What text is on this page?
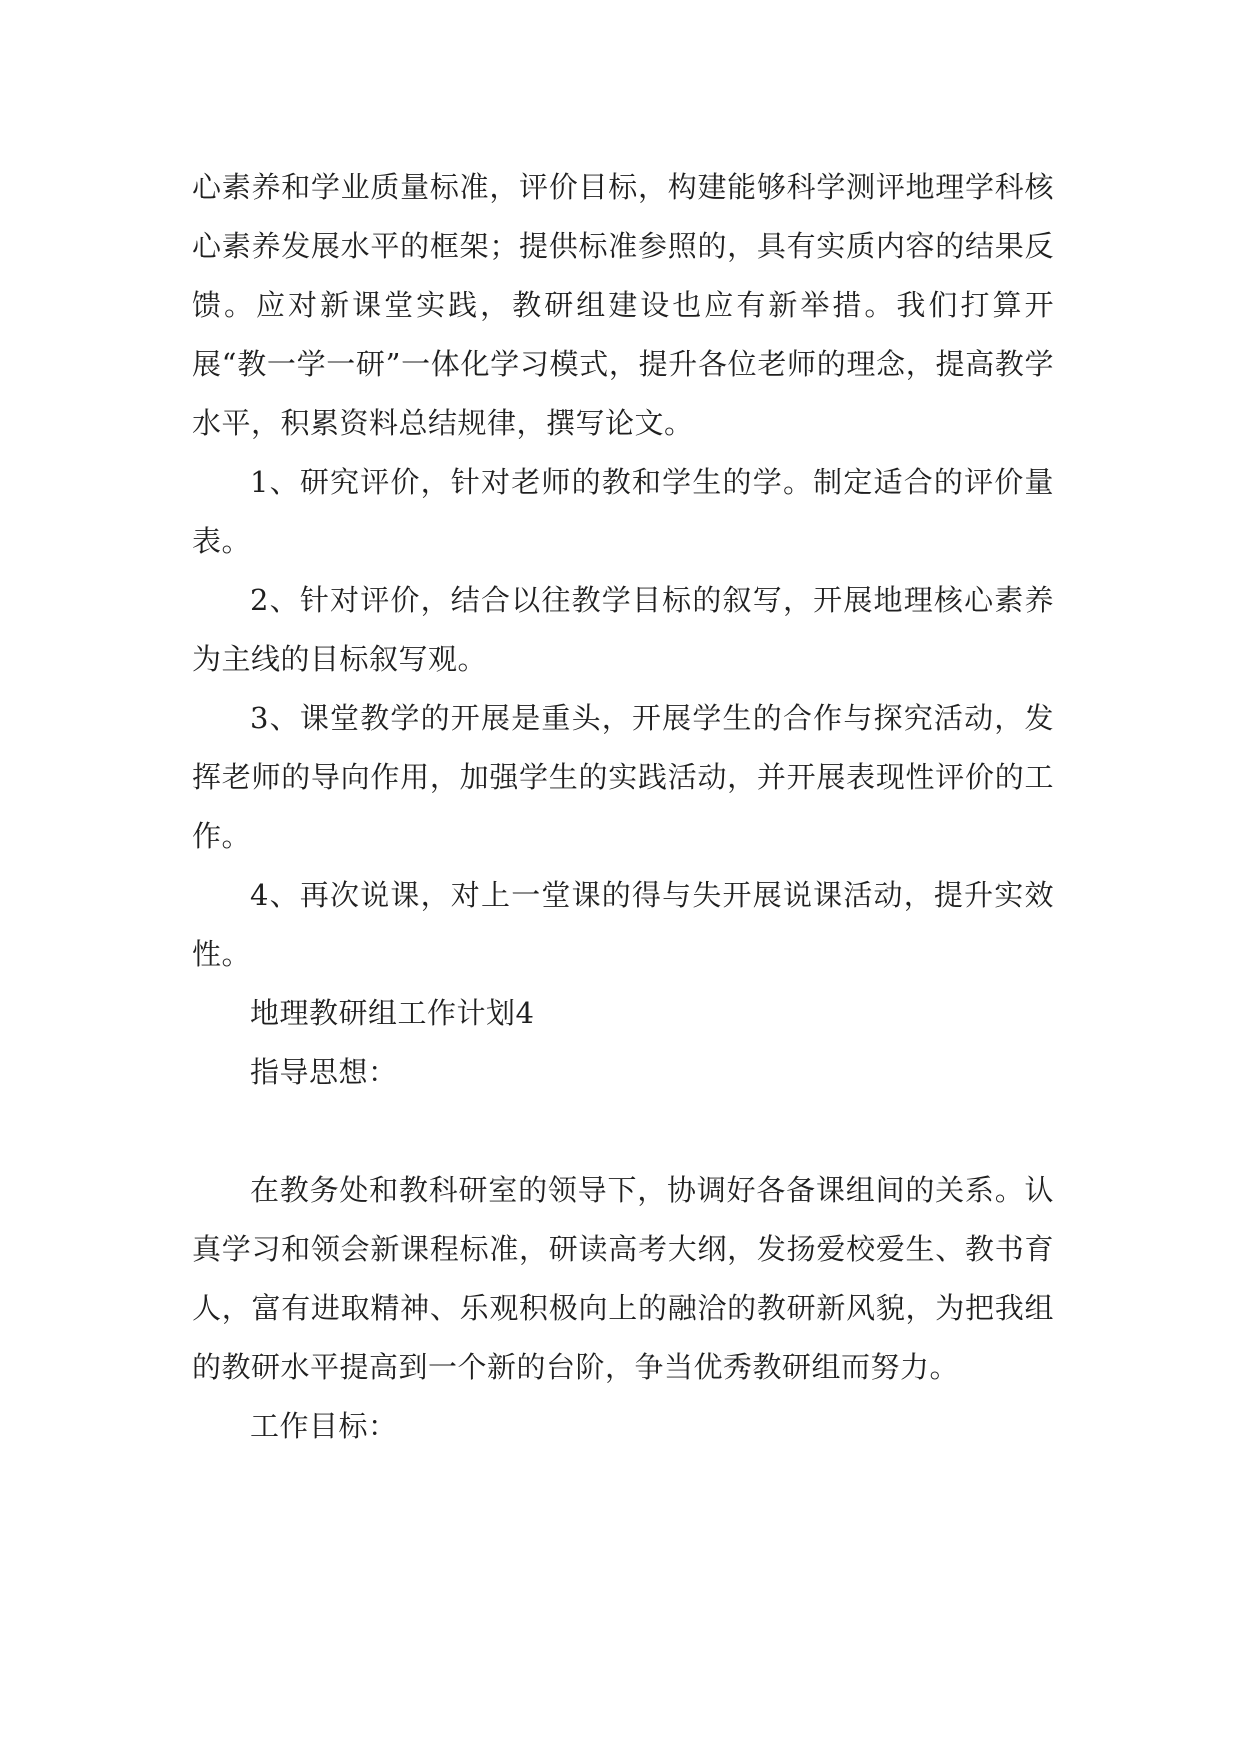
心素养和学业质量标准，评价目标，构建能够科学测评地理学科核心素养发展水平的框架；提供标准参照的，具有实质内容的结果反馈。应对新课堂实践，教研组建设也应有新举措。我们打算开展“教一学一研”一体化学习模式，提升各位老师的理念，提高教学水平，积累资料总结规律，撰写论文。

1、研究评价，针对老师的教和学生的学。制定适合的评价量表。

2、针对评价，结合以往教学目标的叙写，开展地理核心素养为主线的目标叙写观。

3、课堂教学的开展是重头，开展学生的合作与探究活动，发挥老师的导向作用，加强学生的实践活动，并开展表现性评价的工作。

4、再次说课，对上一堂课的得与失开展说课活动，提升实效性。

地理教研组工作计划4

指导思想：

在教务处和教科研室的领导下，协调好各备课组间的关系。认真学习和领会新课程标准，研读高考大纲，发扬爱校爱生、教书育人，富有进取精神、乐观积极向上的融洽的教研新风貌，为把我组的教研水平提高到一个新的台阶，争当优秀教研组而努力。

工作目标：
